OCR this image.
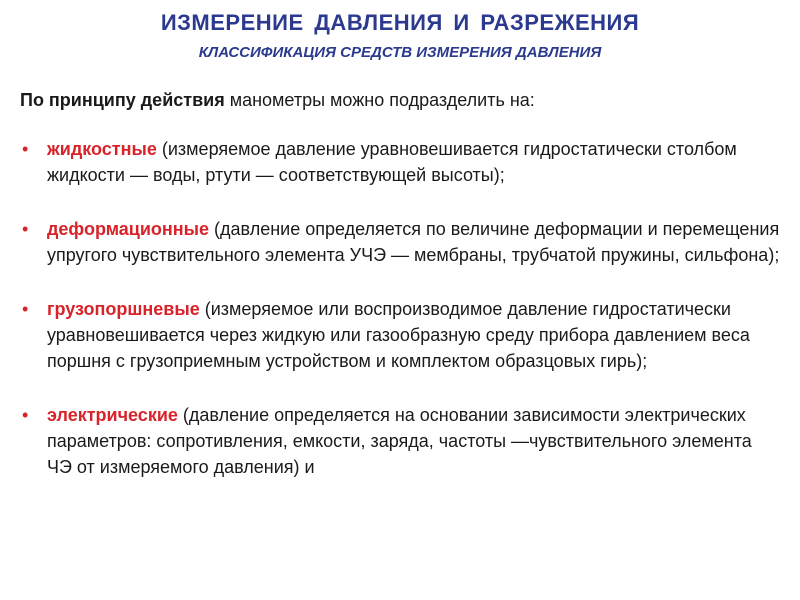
ИЗМЕРЕНИЕ ДАВЛЕНИЯ И РАЗРЕЖЕНИЯ
КЛАССИФИКАЦИЯ СРЕДСТВ ИЗМЕРЕНИЯ ДАВЛЕНИЯ

По принципу действия манометры можно подразделить на:

• жидкостные (измеряемое давление уравновешивается гидростатически столбом жидкости — воды, ртути — соответствующей высоты);
• деформационные (давление определяется по величине деформации и перемещения упругого чувствительного элемента УЧЭ — мембраны, трубчатой пружины, сильфона);
• грузопоршневые (измеряемое или воспроизводимое давление гидростатически уравновешивается через жидкую или газообразную среду прибора давлением веса поршня с грузоприемным устройством и комплектом образцовых гирь);
• электрические (давление определяется на основании зависимости электрических параметров: сопротивления, емкости, заряда, частоты —чувствительного элемента ЧЭ от измеряемого давления) и
